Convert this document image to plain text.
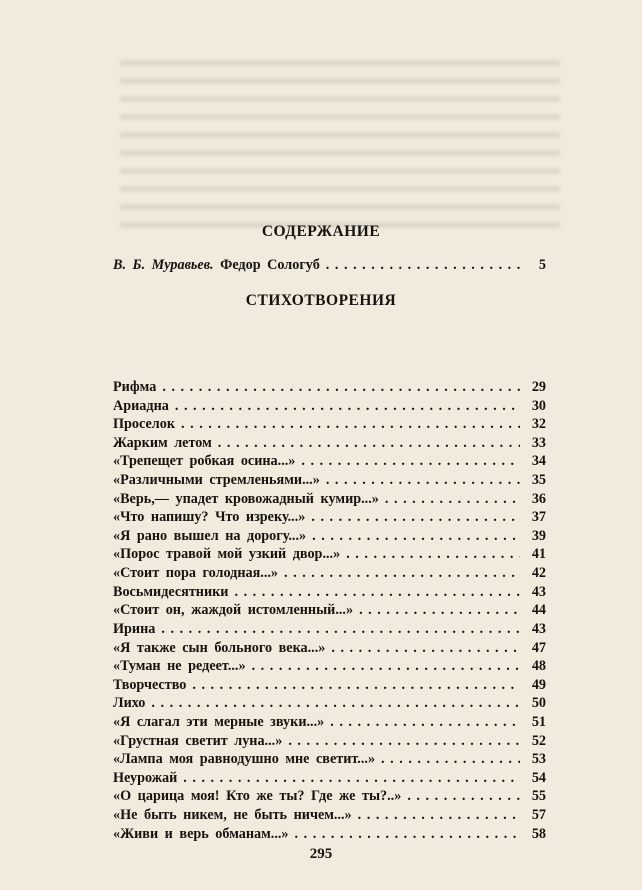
СОДЕРЖАНИЕ
В. Б. Муравьев. Федор Сологуб . . .	5
СТИХОТВОРЕНИЯ
Рифма . . .	29
Ариадна . . .	30
Проселок . . .	32
Жарким летом . . .	33
«Трепещет робкая осина...» . . .	34
«Различными стремленьями...» . . .	35
«Верь,— упадет кровожадный кумир...» . . .	36
«Что напишу? Что изреку...» . . .	37
«Я рано вышел на дорогу...» . . .	39
«Порос травой мой узкий двор...» . . .	41
«Стоит пора голодная...» . . .	42
Восьмидесятники . . .	43
«Стоит он, жаждой истомленный...» . . .	44
Ирина . . .	43
«Я также сын больного века...» . . .	47
«Туман не редеет...» . . .	48
Творчество . . .	49
Лихо . . .	50
«Я слагал эти мерные звуки...» . . .	51
«Грустная светит луна...» . . .	52
«Лампа моя равнодушно мне светит...» . . .	53
Неурожай . . .	54
«О царица моя! Кто же ты? Где же ты?..» . . .	55
«Не быть никем, не быть ничем...» . . .	57
«Живи и верь обманам...» . . .	58
295
